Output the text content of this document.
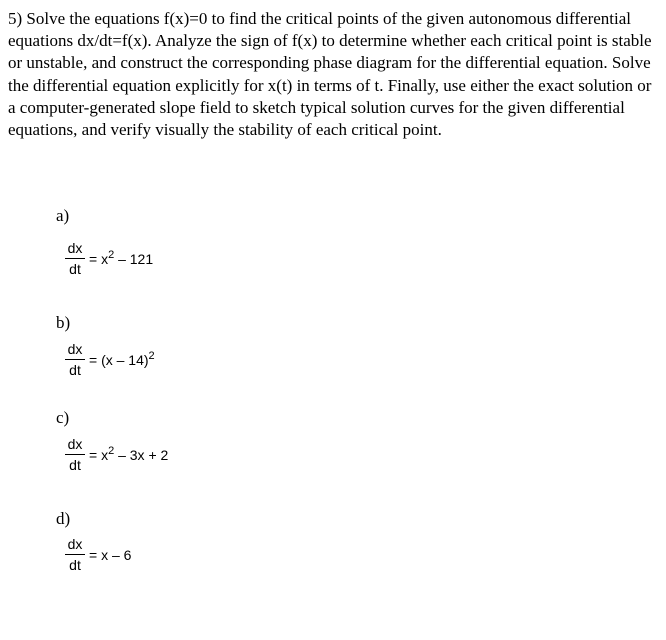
5) Solve the equations f(x)=0 to find the critical points of the given autonomous differential equations dx/dt=f(x). Analyze the sign of f(x) to determine whether each critical point is stable or unstable, and construct the corresponding phase diagram for the differential equation. Solve the differential equation explicitly for x(t) in terms of t. Finally, use either the exact solution or a computer-generated slope field to sketch typical solution curves for the given differential equations, and verify visually the stability of each critical point.
a)
$\frac{dx}{dt} = x^2 - 121$
b)
$\frac{dx}{dt} = (x - 14)^2$
c)
$\frac{dx}{dt} = x^2 - 3x + 2$
d)
$\frac{dx}{dt} = x - 6$
